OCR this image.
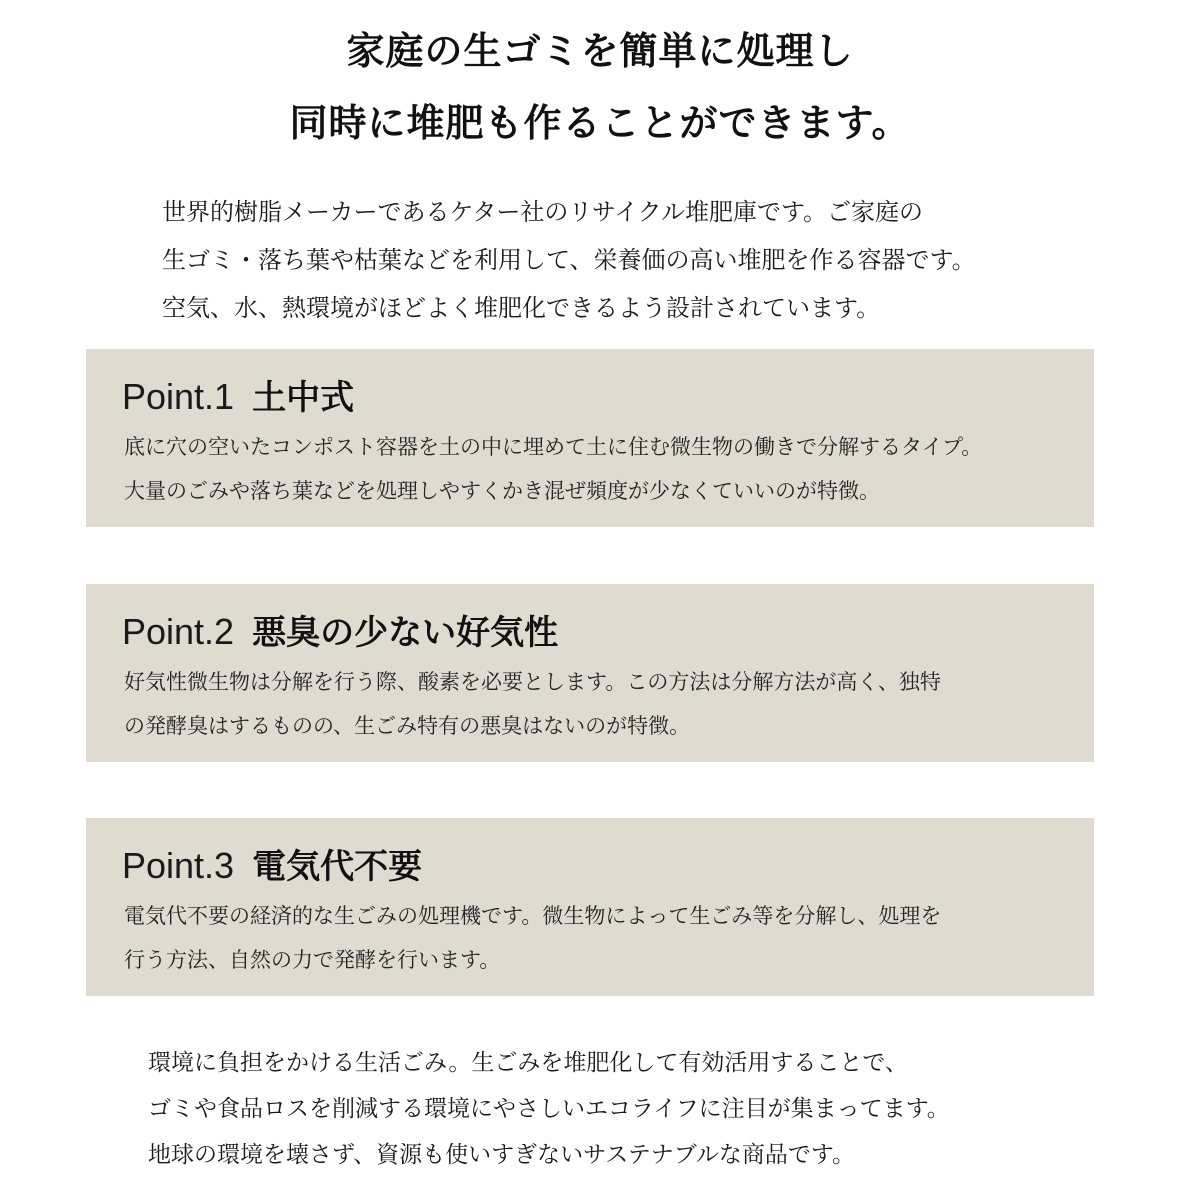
家庭の生ゴミを簡単に処理し
同時に堆肥も作ることができます。
世界的樹脂メーカーであるケター社のリサイクル堆肥庫です。ご家庭の
生ゴミ・落ち葉や枯葉などを利用して、栄養価の高い堆肥を作る容器です。
空気、水、熱環境がほどよく堆肥化できるよう設計されています。
Point.1 土中式
底に穴の空いたコンポスト容器を土の中に埋めて土に住む微生物の働きで分解するタイプ。
大量のごみや落ち葉などを処理しやすくかき混ぜ頻度が少なくていいのが特徴。
Point.2 悪臭の少ない好気性
好気性微生物は分解を行う際、酸素を必要とします。この方法は分解方法が高く、独特
の発酵臭はするものの、生ごみ特有の悪臭はないのが特徴。
Point.3 電気代不要
電気代不要の経済的な生ごみの処理機です。微生物によって生ごみ等を分解し、処理を
行う方法、自然の力で発酵を行います。
環境に負担をかける生活ごみ。生ごみを堆肥化して有効活用することで、
ゴミや食品ロスを削減する環境にやさしいエコライフに注目が集まってます。
地球の環境を壊さず、資源も使いすぎないサステナブルな商品です。
